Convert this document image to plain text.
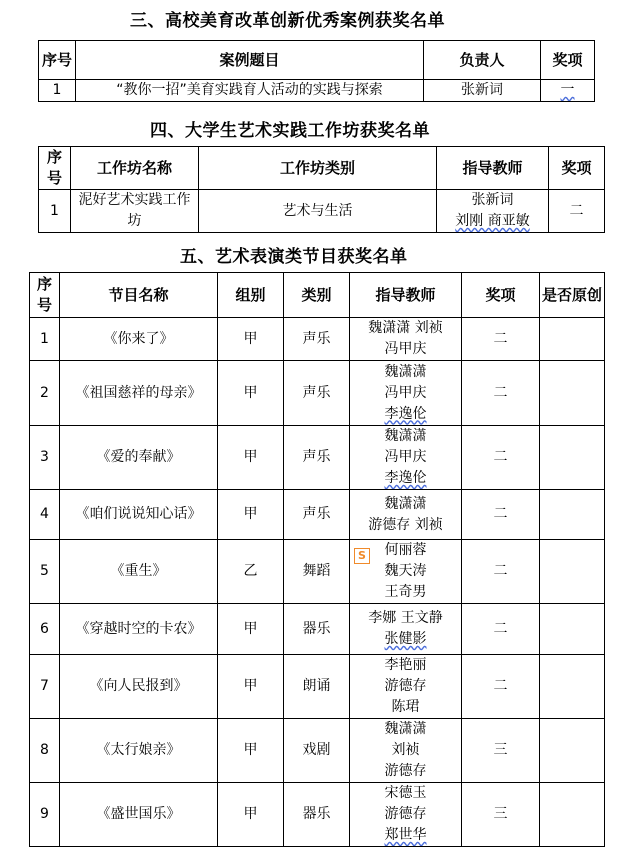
三、高校美育改革创新优秀案例获奖名单
序号	案例题目	负责人	奖项
1	“教你一招”美育实践育人活动的实践与探索	张新词	一
四、大学生艺术实践工作坊获奖名单
序号	工作坊名称	工作坊类别	指导教师	奖项
1	泥好艺术实践工作坊	艺术与生活	张新词
刘刚 商亚敏	二
五、艺术表演类节目获奖名单
序号	节目名称	组别	类别	指导教师	奖项	是否原创
1	《你来了》	甲	声乐	魏潇潇 刘祯
冯甲庆	二	
2	《祖国慈祥的母亲》	甲	声乐	魏潇潇
冯甲庆
李逸伦	二	
3	《爱的奉献》	甲	声乐	魏潇潇
冯甲庆
李逸伦	二	
4	《咱们说说知心话》	甲	声乐	魏潇潇
游德存 刘祯	二	
5	《重生》	乙	舞蹈	何丽蓉
魏天涛
王奇男
S	二	
6	《穿越时空的卡农》	甲	器乐	李娜 王文静
张健影	二	
7	《向人民报到》	甲	朗诵	李艳丽
游德存
陈珺	二	
8	《太行娘亲》	甲	戏剧	魏潇潇
刘祯
游德存	三	
9	《盛世国乐》	甲	器乐	宋德玉
游德存
郑世华	三	
